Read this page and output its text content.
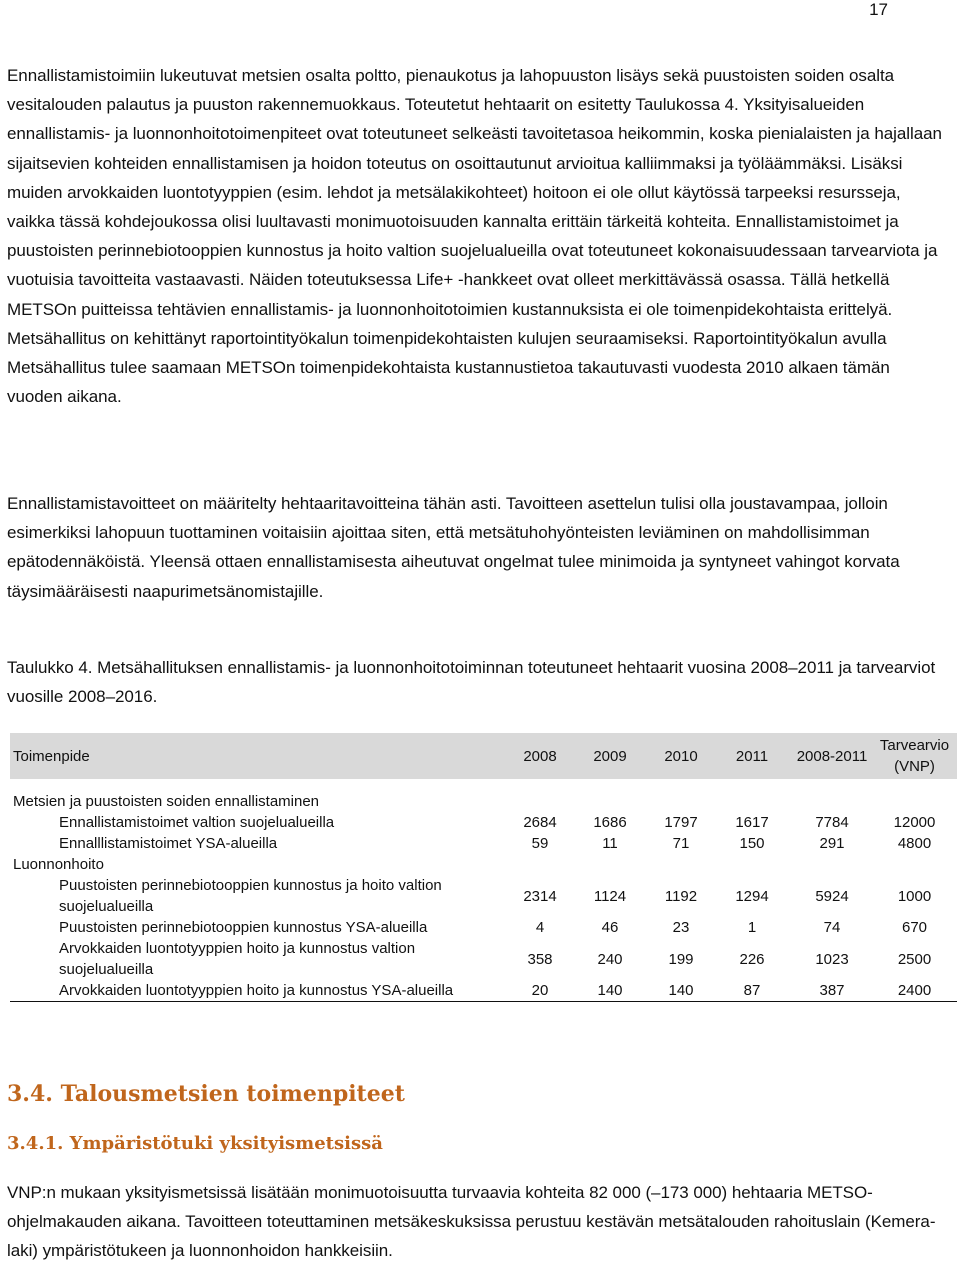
17

Ennallistamistoimiin lukeutuvat metsien osalta poltto, pienaukotus ja lahopuuston lisäys sekä puustoisten soiden osalta vesitalouden palautus ja puuston rakennemuokkaus. Toteutetut hehtaarit on esitetty Taulukossa 4. Yksityisalueiden ennallistamis- ja luonnonhoitotoimenpiteet ovat toteutuneet selkeästi tavoitetasoa heikommin, koska pienialaisten ja hajallaan sijaitsevien kohteiden ennallistamisen ja hoidon toteutus on osoittautunut arvioitua kalliimmaksi ja työläämmäksi. Lisäksi muiden arvokkaiden luontotyyppien (esim. lehdot ja metsälakikohteet) hoitoon ei ole ollut käytössä tarpeeksi resursseja, vaikka tässä kohdejoukossa olisi luultavasti monimuotoisuuden kannalta erittäin tärkeitä kohteita. Ennallistamistoimet ja puustoisten perinnebiotooppien kunnostus ja hoito valtion suojelualueilla ovat toteutuneet kokonaisuudessaan tarvearviota ja vuotuisia tavoitteita vastaavasti. Näiden toteutuksessa Life+ -hankkeet ovat olleet merkittävässä osassa. Tällä hetkellä METSOn puitteissa tehtävien ennallistamis- ja luonnonhoitotoimien kustannuksista ei ole toimenpidekohtaista erittelyä. Metsähallitus on kehittänyt raportointityökalun toimenpidekohtaisten kulujen seuraamiseksi. Raportointityökalun avulla Metsähallitus tulee saamaan METSOn toimenpidekohtaista kustannustietoa takautuvasti vuodesta 2010 alkaen tämän vuoden aikana.

Ennallistamistavoitteet on määritelty hehtaaritavoitteina tähän asti. Tavoitteen asettelun tulisi olla joustavampaa, jolloin esimerkiksi lahopuun tuottaminen voitaisiin ajoittaa siten, että metsätuhohyönteisten leviäminen on mahdollisimman epätodennäköistä. Yleensä ottaen ennallistamisesta aiheutuvat ongelmat tulee minimoida ja syntyneet vahingot korvata täysimääräisesti naapurimetsänomistajille.

Taulukko 4. Metsähallituksen ennallistamis- ja luonnonhoitotoiminnan toteutuneet hehtaarit vuosina 2008–2011 ja tarvearviot vuosille 2008–2016.

Toimenpide	2008	2009	2010	2011	2008-2011	Tarvearvio (VNP)

Metsien ja puustoisten soiden ennallistaminen						
Ennallistamistoimet valtion suojelualueilla	2684	1686	1797	1617	7784	12000
Ennalllistamistoimet YSA-alueilla	59	11	71	150	291	4800
Luonnonhoito						
Puustoisten perinnebiotooppien kunnostus ja hoito valtion suojelualueilla	2314	1124	1192	1294	5924	1000
Puustoisten perinnebiotooppien kunnostus YSA-alueilla	4	46	23	1	74	670
Arvokkaiden luontotyyppien hoito ja kunnostus valtion suojelualueilla	358	240	199	226	1023	2500
Arvokkaiden luontotyyppien hoito ja kunnostus YSA-alueilla	20	140	140	87	387	2400
3.4. Talousmetsien toimenpiteet
3.4.1. Ympäristötuki yksityismetsissä

VNP:n mukaan yksityismetsissä lisätään monimuotoisuutta turvaavia kohteita 82 000 (–173 000) hehtaaria METSO-ohjelmakauden aikana. Tavoitteen toteuttaminen metsäkeskuksissa perustuu kestävän metsätalouden rahoituslain (Kemera-laki) ympäristötukeen ja luonnonhoidon hankkeisiin.
